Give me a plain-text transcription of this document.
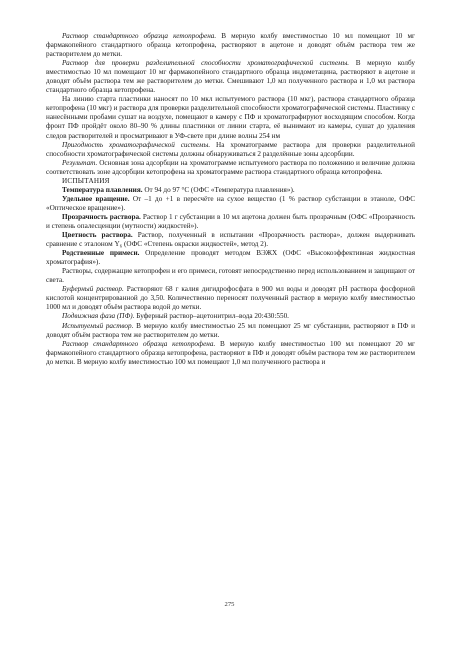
Раствор стандартного образца кетопрофена. В мерную колбу вместимостью 10 мл помещают 10 мг фармакопейного стандартного образца кетопрофена, растворяют в ацетоне и доводят объём раствора тем же растворителем до метки.

Раствор для проверки разделительной способности хроматографической системы. В мерную колбу вместимостью 10 мл помещают 10 мг фармакопейного стандартного образца индометацина, растворяют в ацетоне и доводят объём раствора тем же растворителем до метки. Смешивают 1,0 мл полученного раствора и 1,0 мл раствора стандартного образца кетопрофена.

На линию старта пластинки наносят по 10 мкл испытуемого раствора (10 мкг), раствора стандартного образца кетопрофена (10 мкг) и раствора для проверки разделительной способности хроматографической системы. Пластинку с нанесёнными пробами сушат на воздухе, помещают в камеру с ПФ и хроматографируют восходящим способом. Когда фронт ПФ пройдёт около 80–90 % длины пластинки от линии старта, её вынимают из камеры, сушат до удаления следов растворителей и просматривают в УФ-свете при длине волны 254 нм

Пригодность хроматографической системы. На хроматограмме раствора для проверки разделительной способности хроматографической системы должны обнаруживаться 2 разделённые зоны адсорбции.

Результат. Основная зона адсорбции на хроматограмме испытуемого раствора по положению и величине должна соответствовать зоне адсорбции кетопрофена на хроматограмме раствора стандартного образца кетопрофена.

ИСПЫТАНИЯ

Температура плавления. От 94 до 97 °С (ОФС «Температура плавления»).

Удельное вращение. От –1 до +1 в пересчёте на сухое вещество (1 % раствор субстанции в этаноле, ОФС «Оптическое вращение»).

Прозрачность раствора. Раствор 1 г субстанции в 10 мл ацетона должен быть прозрачным (ОФС «Прозрачность и степень опалесценции (мутности) жидкостей»).

Цветность раствора. Раствор, полученный в испытании «Прозрачность раствора», должен выдерживать сравнение с эталоном Y₆ (ОФС «Степень окраски жидкостей», метод 2).

Родственные примеси. Определение проводят методом ВЭЖХ (ОФС «Высокоэффективная жидкостная хроматография»).

Растворы, содержащие кетопрофен и его примеси, готовят непосредственно перед использованием и защищают от света.

Буферный раствор. Растворяют 68 г калия дигидрофосфата в 900 мл воды и доводят pH раствора фосфорной кислотой концентрированной до 3,50. Количественно переносят полученный раствор в мерную колбу вместимостью 1000 мл и доводят объём раствора водой до метки.

Подвижная фаза (ПФ). Буферный раствор–ацетонитрил–вода 20:430:550.

Испытуемый раствор. В мерную колбу вместимостью 25 мл помещают 25 мг субстанции, растворяют в ПФ и доводят объём раствора тем же растворителем до метки.

Раствор стандартного образца кетопрофена. В мерную колбу вместимостью 100 мл помещают 20 мг фармакопейного стандартного образца кетопрофена, растворяют в ПФ и доводят объём раствора тем же растворителем до метки. В мерную колбу вместимостью 100 мл помещают 1,0 мл полученного раствора и

275
